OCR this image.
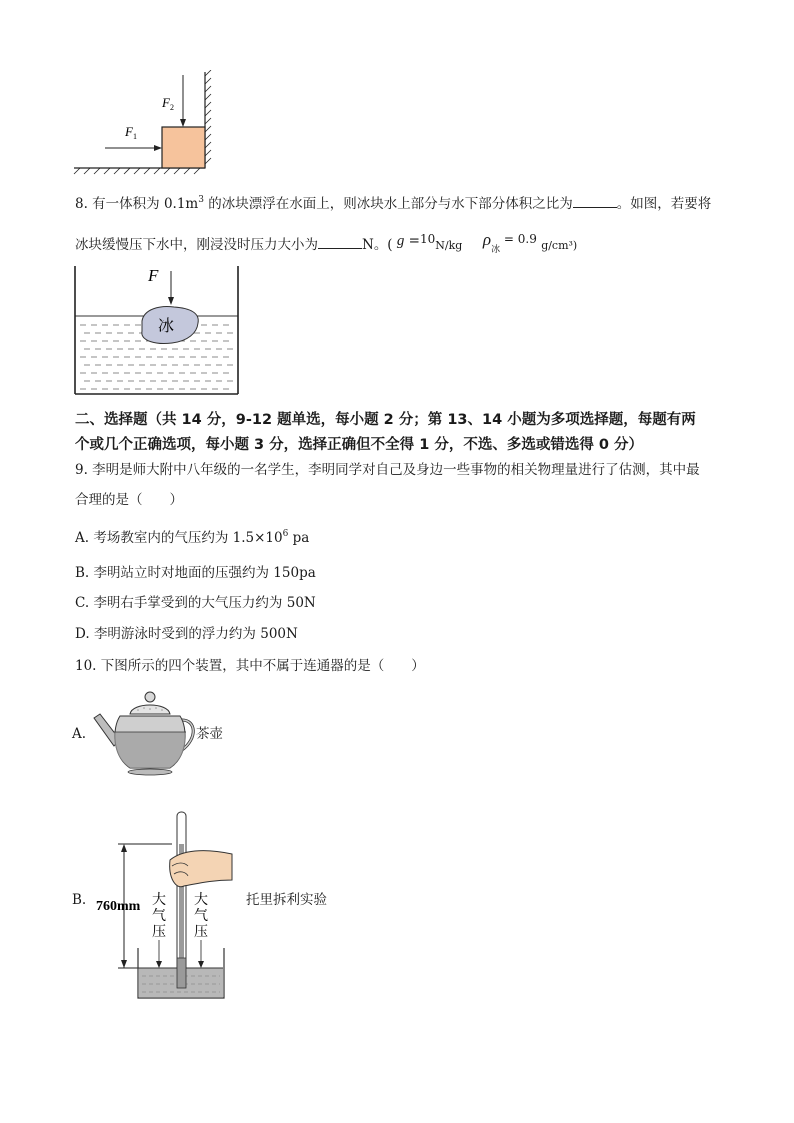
$F_1$
$F_2$
8. 有一体积为 $0.1m^3$ 的冰块漂浮在水面上，则冰块水上部分与水下部分体积之比为	。如图，若要将
冰块缓慢压下水中，刚浸没时压力大小为	N。( g =10N/kg $\rho_冰 = 0.9$ g/cm³)
冰
F
二、选择题（共 14 分，9-12 题单选，每小题 2 分；第 13、14 小题为多项选择题，每题有两
个或几个正确选项，每小题 3 分，选择正确但不全得 1 分，不选、多选或错选得 0 分）
9. 李明是师大附中八年级的一名学生，李明同学对自己及身边一些事物的相关物理量进行了估测，其中最
合理的是（　　）
A. 考场教室内的气压约为 $1.5\times 10^6$ pa
B. 李明站立时对地面的压强约为 150pa
C. 李明右手掌受到的大气压力约为 50N
D. 李明游泳时受到的浮力约为 500N
10. 下图所示的四个装置，其中不属于连通器的是（　　）
A.	茶壶
B. 760mm 大
气
压
大
气
压
托里拆利实验
